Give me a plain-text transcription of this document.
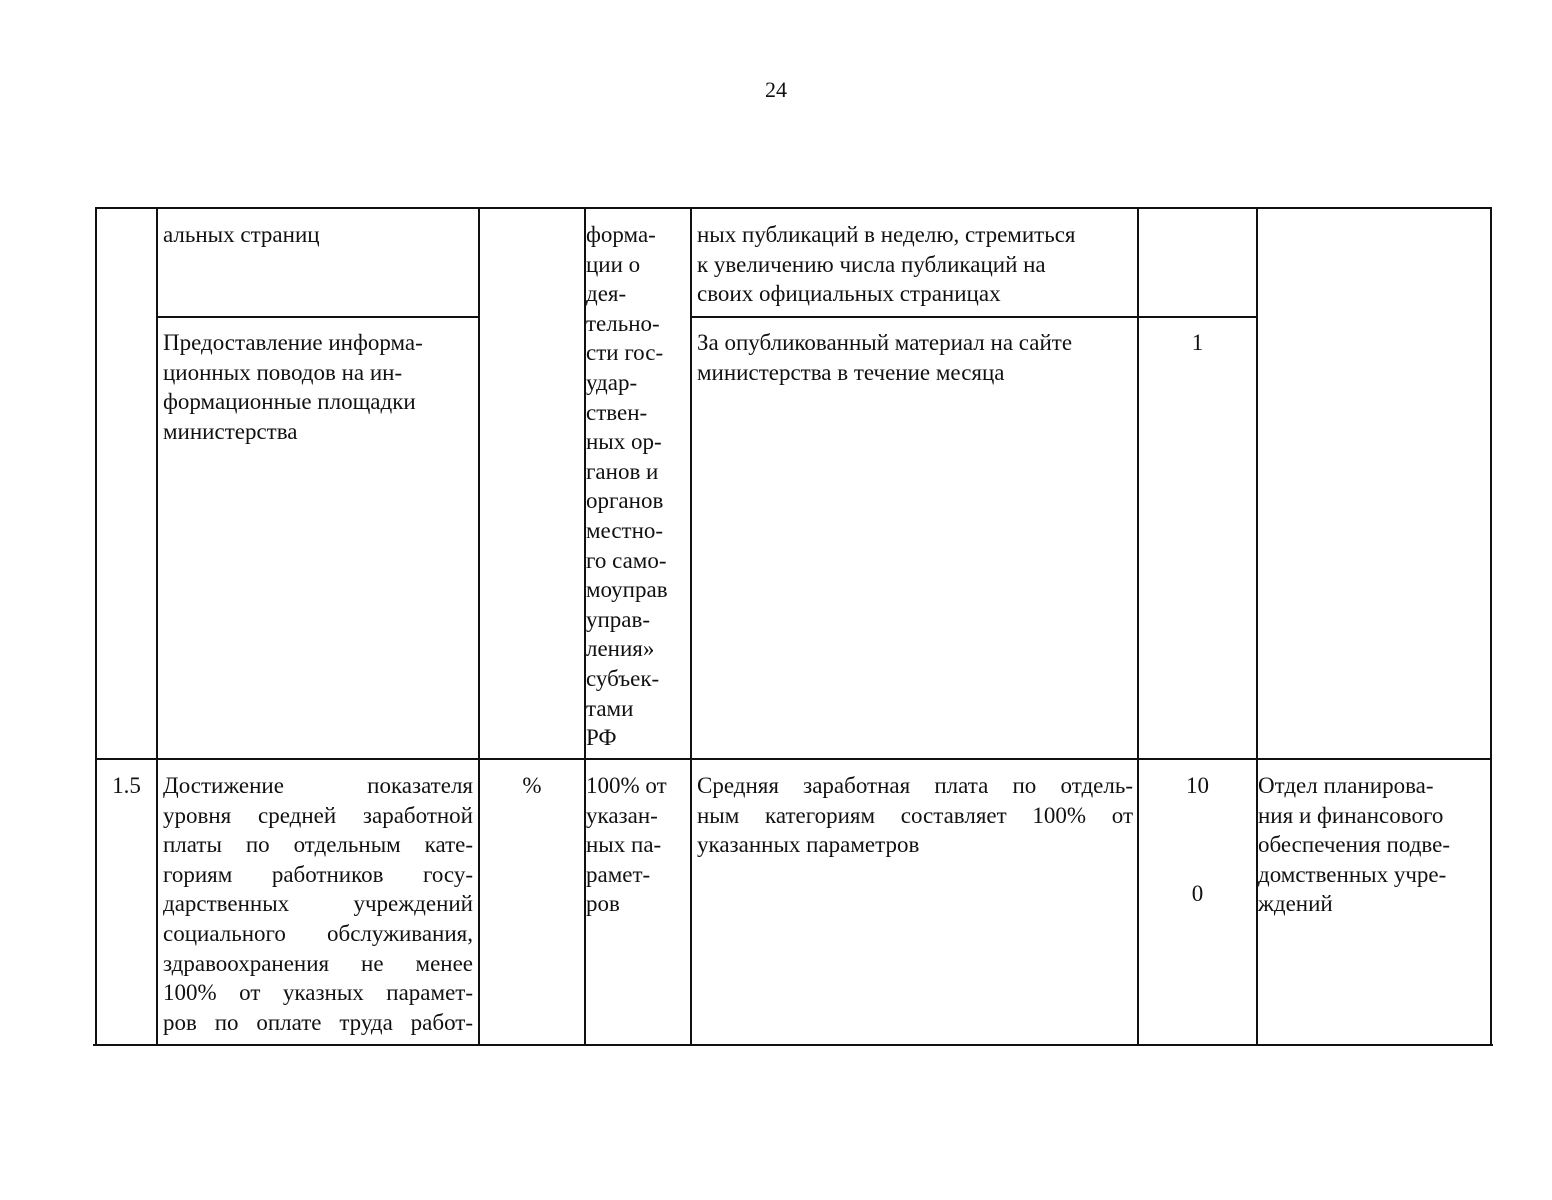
24
альных страниц
Предоставление информа-
ционных поводов на ин-
формационные площадки
министерства
форма-
ции о
дея-
тельно-
сти гос-
удар-
ствен-
ных ор-
ганов и
органов
местно-
го само-
моуправ
управ-
ления»
субъек-
тами
РФ
ных публикаций в неделю, стремиться
к увеличению числа публикаций на
своих официальных страницах
За опубликованный материал на сайте
министерства в течение месяца
1
1.5 Достижение показателя
уровня средней заработной
платы по отдельным кате-
гориям работников госу-
дарственных учреждений
социального обслуживания,
здравоохранения не менее
100% от указных парамет-
ров по оплате труда работ-
%	100% от
указан-
ных па-
рамет-
ров
Средняя заработная плата по отдель-
ным категориям составляет 100% от
указанных параметров
10
0
Отдел планирова-
ния и финансового
обеспечения подве-
домственных учре-
ждений
